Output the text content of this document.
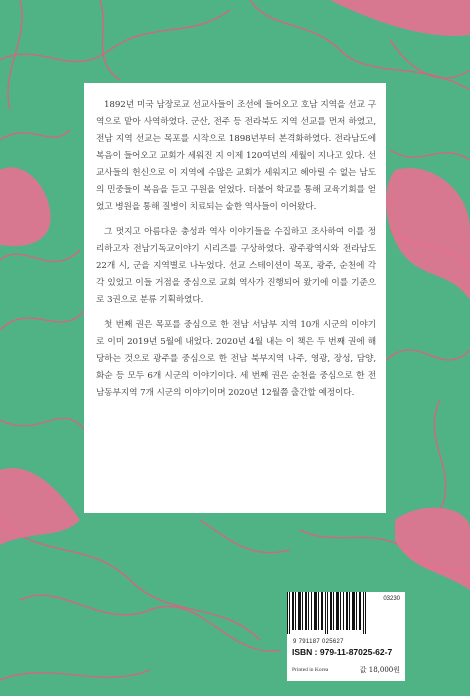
1892년 미국 남장로교 선교사들이 조선에 들어오고 호남 지역을 선교 구역으로 맡아 사역하였다. 군산, 전주 등 전라북도 지역 선교를 먼저 하였고, 전남 지역 선교는 목포를 시작으로 1898년부터 본격화하였다. 전라남도에 복음이 들어오고 교회가 세워진 지 이제 120여년의 세월이 지나고 있다. 선교사들의 헌신으로 이 지역에 수많은 교회가 세워지고 헤아릴 수 없는 남도의 민중들이 복음을 듣고 구원을 얻었다. 더불어 학교를 통해 교육기회를 얻었고 병원을 통해 질병이 치료되는 숱한 역사들이 이어왔다.

그 멋지고 아름다운 충성과 역사 이야기들을 수집하고 조사하여 이를 정리하고자 전남기독교이야기 시리즈를 구상하였다. 광주광역시와 전라남도 22개 시, 군을 지역별로 나누었다. 선교 스테이션이 목포, 광주, 순천에 각각 있었고 이들 거점을 중심으로 교회 역사가 진행되어 왔기에 이를 기준으로 3권으로 분류 기획하였다.

첫 번째 권은 목포를 중심으로 한 전남 서남부 지역 10개 시군의 이야기로 이미 2019년 5월에 내었다. 2020년 4월 내는 이 책은 두 번째 권에 해당하는 것으로 광주를 중심으로 한 전남 북부지역 나주, 영광, 장성, 담양, 화순 등 모두 6개 시군의 이야기이다. 세 번째 권은 순천을 중심으로 한 전남동부지역 7개 시군의 이야기이며 2020년 12월쯤 출간할 예정이다.

03230
9 791187 025627
ISBN : 979-11-87025-62-7
Printed in Korea	값 18,000원
